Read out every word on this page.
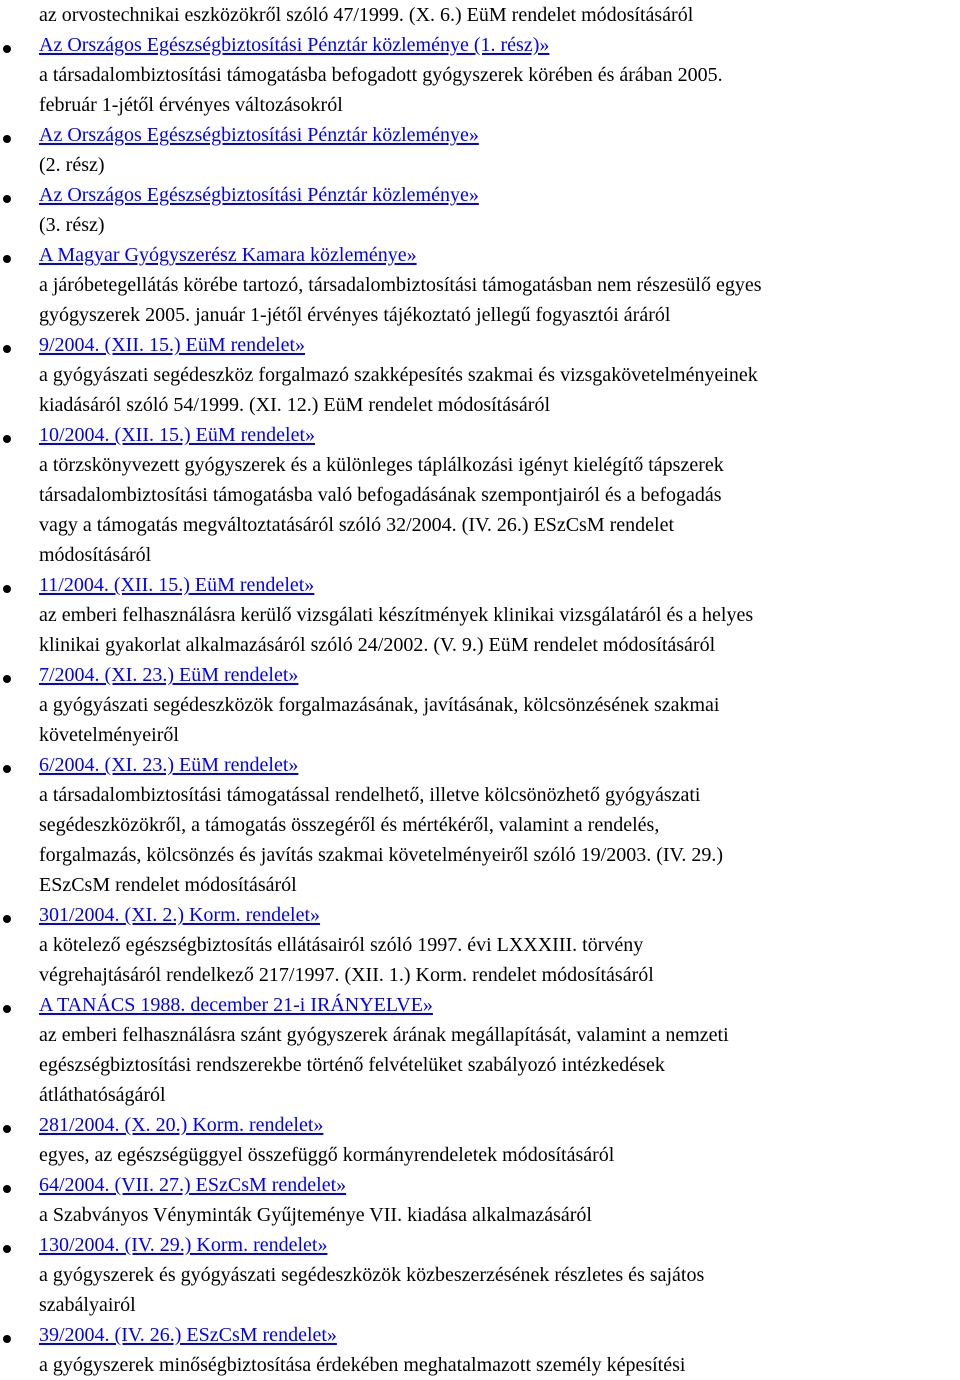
az orvostechnikai eszközökről szóló 47/1999. (X. 6.) EüM rendelet módosításáról
Az Országos Egészségbiztosítási Pénztár közleménye (1. rész)»
a társadalombiztosítási támogatásba befogadott gyógyszerek körében és árában 2005.
február 1-jétől érvényes változásokról
Az Országos Egészségbiztosítási Pénztár közleménye»
(2. rész)
Az Országos Egészségbiztosítási Pénztár közleménye»
(3. rész)
A Magyar Gyógyszerész Kamara közleménye»
a járóbetegellátás körébe tartozó, társadalombiztosítási támogatásban nem részesülő egyes
gyógyszerek 2005. január 1-jétől érvényes tájékoztató jellegű fogyasztói áráról
9/2004. (XII. 15.) EüM rendelet»
a gyógyászati segédeszköz forgalmazó szakképesítés szakmai és vizsgakövetelményeinek
kiadásáról szóló 54/1999. (XI. 12.) EüM rendelet módosításáról
10/2004. (XII. 15.) EüM rendelet»
a törzskönyvezett gyógyszerek és a különleges táplálkozási igényt kielégítő tápszerek
társadalombiztosítási támogatásba való befogadásának szempontjairól és a befogadás
vagy a támogatás megváltoztatásáról szóló 32/2004. (IV. 26.) ESzCsM rendelet
módosításáról
11/2004. (XII. 15.) EüM rendelet»
az emberi felhasználásra kerülő vizsgálati készítmények klinikai vizsgálatáról és a helyes
klinikai gyakorlat alkalmazásáról szóló 24/2002. (V. 9.) EüM rendelet módosításáról
7/2004. (XI. 23.) EüM rendelet»
a gyógyászati segédeszközök forgalmazásának, javításának, kölcsönzésének szakmai
követelményeiről
6/2004. (XI. 23.) EüM rendelet»
a társadalombiztosítási támogatással rendelhető, illetve kölcsönözhető gyógyászati
segédeszközökről, a támogatás összegéről és mértékéről, valamint a rendelés,
forgalmazás, kölcsönzés és javítás szakmai követelményeiről szóló 19/2003. (IV. 29.)
ESzCsM rendelet módosításáról
301/2004. (XI. 2.) Korm. rendelet»
a kötelező egészségbiztosítás ellátásairól szóló 1997. évi LXXXIII. törvény
végrehajtásáról rendelkező 217/1997. (XII. 1.) Korm. rendelet módosításáról
A TANÁCS 1988. december 21-i IRÁNYELVE»
az emberi felhasználásra szánt gyógyszerek árának megállapítását, valamint a nemzeti
egészségbiztosítási rendszerekbe történő felvételüket szabályozó intézkedések
átláthatóságáról
281/2004. (X. 20.) Korm. rendelet»
egyes, az egészségüggyel összefüggő kormányrendeletek módosításáról
64/2004. (VII. 27.) ESzCsM rendelet»
a Szabványos Vényminták Gyűjteménye VII. kiadása alkalmazásáról
130/2004. (IV. 29.) Korm. rendelet»
a gyógyszerek és gyógyászati segédeszközök közbeszerzésének részletes és sajátos
szabályairól
39/2004. (IV. 26.) ESzCsM rendelet»
a gyógyszerek minőségbiztosítása érdekében meghatalmazott személy képesítési
